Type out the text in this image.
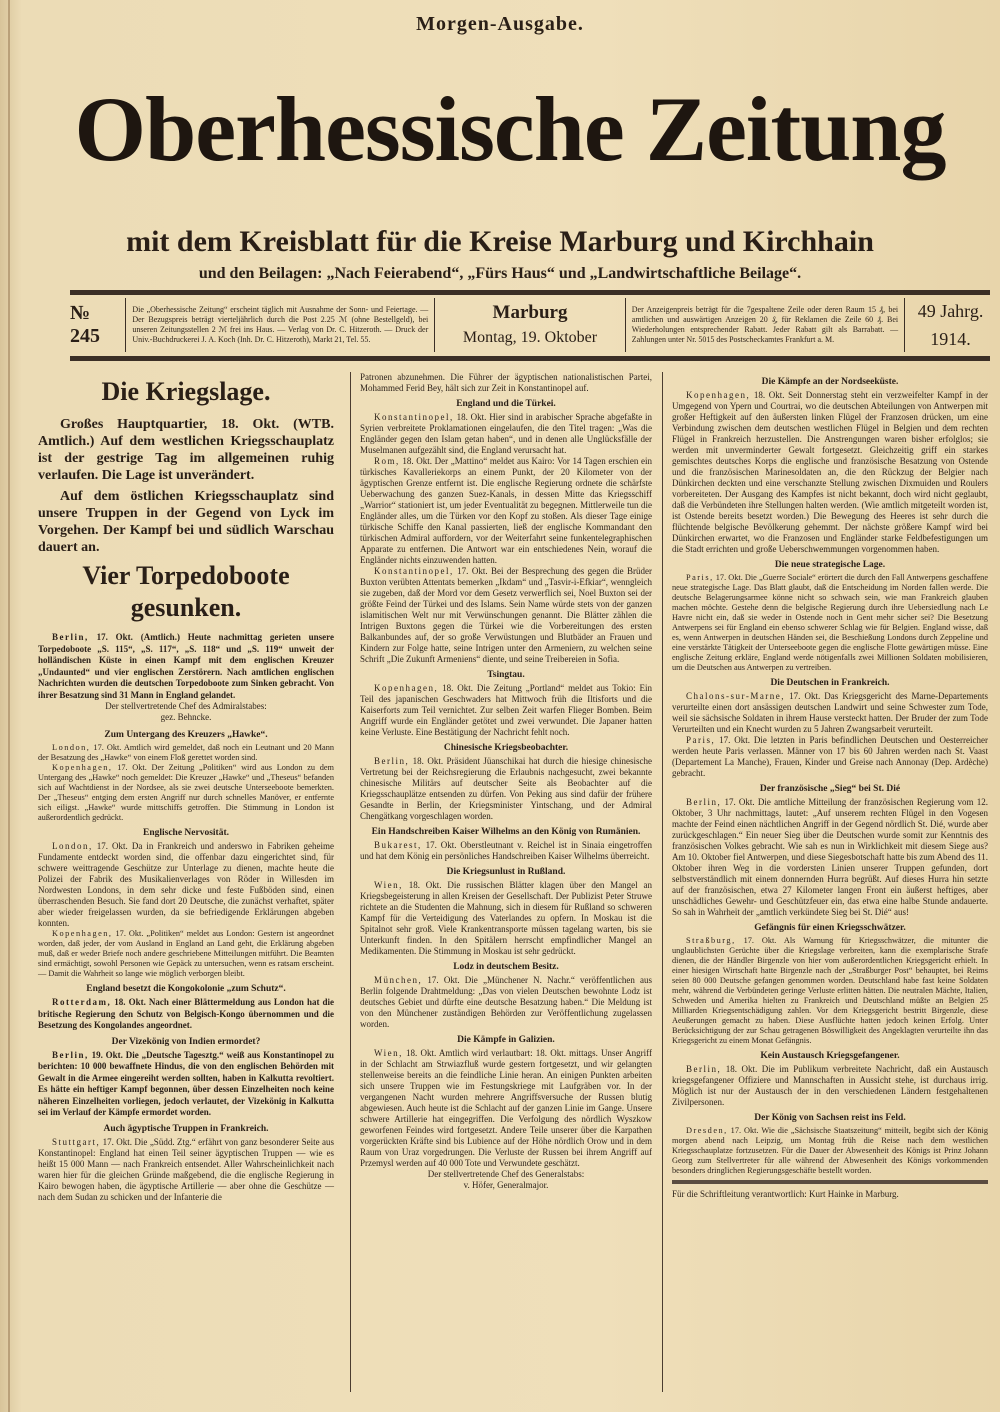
Morgen-Ausgabe.
Oberhessische Zeitung
mit dem Kreisblatt für die Kreise Marburg und Kirchhain
und den Beilagen: „Nach Feierabend“, „Fürs Haus“ und „Landwirtschaftliche Beilage“.
№ 245
Die „Oberhessische Zeitung“ erscheint täglich mit Ausnahme der Sonn- und Feiertage. — Der Bezugspreis beträgt vierteljährlich durch die Post 2.25 ℳ (ohne Bestellgeld), bei unseren Zeitungsstellen 2 ℳ frei ins Haus. — Verlag von Dr. C. Hitzeroth. — Druck der Univ.-Buchdruckerei J. A. Koch (Inh. Dr. C. Hitzeroth), Markt 21, Tel. 55.
Marburg
Montag, 19. Oktober
Der Anzeigenpreis beträgt für die 7gespaltene Zeile oder deren Raum 15 ₰, bei amtlichen und auswärtigen Anzeigen 20 ₰, für Reklamen die Zeile 60 ₰. Bei Wiederholungen entsprechender Rabatt. Jeder Rabatt gilt als Barrabatt. — Zahlungen unter Nr. 5015 des Postscheckamtes Frankfurt a. M.
49 Jahrg.
1914.
Die Kriegslage.

Großes Hauptquartier, 18. Okt. (WTB. Amtlich.) Auf dem westlichen Kriegsschauplatz ist der gestrige Tag im allgemeinen ruhig verlaufen. Die Lage ist unverändert.

Auf dem östlichen Kriegsschauplatz sind unsere Truppen in der Gegend von Lyck im Vorgehen. Der Kampf bei und südlich Warschau dauert an.

Vier Torpedoboote gesunken.

Berlin, 17. Okt. (Amtlich.) Heute nachmittag gerieten unsere Torpedoboote „S. 115“, „S. 117“, „S. 118“ und „S. 119“ unweit der holländischen Küste in einen Kampf mit dem englischen Kreuzer „Undaunted“ und vier englischen Zerstörern. Nach amtlichen englischen Nachrichten wurden die deutschen Torpedoboote zum Sinken gebracht. Von ihrer Besatzung sind 31 Mann in England gelandet.

Der stellvertretende Chef des Admiralstabes:
gez. Behncke.
Zum Untergang des Kreuzers „Hawke“.

London, 17. Okt. Amtlich wird gemeldet, daß noch ein Leutnant und 20 Mann der Besatzung des „Hawke“ von einem Floß gerettet worden sind.

Kopenhagen, 17. Okt. Der Zeitung „Politiken“ wird aus London zu dem Untergang des „Hawke“ noch gemeldet: Die Kreuzer „Hawke“ und „Theseus“ befanden sich auf Wachtdienst in der Nordsee, als sie zwei deutsche Unterseeboote bemerkten. Der „Theseus“ entging dem ersten Angriff nur durch schnelles Manöver, er entfernte sich eiligst. „Hawke“ wurde mittschiffs getroffen. Die Stimmung in London ist außerordentlich gedrückt.

Englische Nervosität.

London, 17. Okt. Da in Frankreich und anderswo in Fabriken geheime Fundamente entdeckt worden sind, die offenbar dazu eingerichtet sind, für schwere weittragende Geschütze zur Unterlage zu dienen, machte heute die Polizei der Fabrik des Musikalienverlages von Röder in Willesden im Nordwesten Londons, in dem sehr dicke und feste Fußböden sind, einen überraschenden Besuch. Sie fand dort 20 Deutsche, die zunächst verhaftet, später aber wieder freigelassen wurden, da sie befriedigende Erklärungen abgeben konnten.

Kopenhagen, 17. Okt. „Politiken“ meldet aus London: Gestern ist angeordnet worden, daß jeder, der vom Ausland in England an Land geht, die Erklärung abgeben muß, daß er weder Briefe noch andere geschriebene Mitteilungen mitführt. Die Beamten sind ermächtigt, sowohl Personen wie Gepäck zu untersuchen, wenn es ratsam erscheint. — Damit die Wahrheit so lange wie möglich verborgen bleibt.

England besetzt die Kongokolonie „zum Schutz“.

Rotterdam, 18. Okt. Nach einer Blättermeldung aus London hat die britische Regierung den Schutz von Belgisch-Kongo übernommen und die Besetzung des Kongolandes angeordnet.

Der Vizekönig von Indien ermordet?

Berlin, 19. Okt. Die „Deutsche Tagesztg.“ weiß aus Konstantinopel zu berichten: 10 000 bewaffnete Hindus, die von den englischen Behörden mit Gewalt in die Armee eingereiht werden sollten, haben in Kalkutta revoltiert. Es hätte ein heftiger Kampf begonnen, über dessen Einzelheiten noch keine näheren Einzelheiten vorliegen, jedoch verlautet, der Vizekönig in Kalkutta sei im Verlauf der Kämpfe ermordet worden.

Auch ägyptische Truppen in Frankreich.

Stuttgart, 17. Okt. Die „Südd. Ztg.“ erfährt von ganz besonderer Seite aus Konstantinopel: England hat einen Teil seiner ägyptischen Truppen — wie es heißt 15 000 Mann — nach Frankreich entsendet. Aller Wahrscheinlichkeit nach waren hier für die gleichen Gründe maßgebend, die die englische Regierung in Kairo bewogen haben, die ägyptische Artillerie — aber ohne die Geschütze — nach dem Sudan zu schicken und der Infanterie die

Patronen abzunehmen. Die Führer der ägyptischen nationalistischen Partei, Mohammed Ferid Bey, hält sich zur Zeit in Konstantinopel auf.

England und die Türkei.

Konstantinopel, 18. Okt. Hier sind in arabischer Sprache abgefaßte in Syrien verbreitete Proklamationen eingelaufen, die den Titel tragen: „Was die Engländer gegen den Islam getan haben“, und in denen alle Unglücksfälle der Muselmanen aufgezählt sind, die England verursacht hat.

Rom, 18. Okt. Der „Mattino“ meldet aus Kairo: Vor 14 Tagen erschien ein türkisches Kavalleriekorps an einem Punkt, der 20 Kilometer von der ägyptischen Grenze entfernt ist. Die englische Regierung ordnete die schärfste Ueberwachung des ganzen Suez-Kanals, in dessen Mitte das Kriegsschiff „Warrior“ stationiert ist, um jeder Eventualität zu begegnen. Mittlerweile tun die Engländer alles, um die Türken vor den Kopf zu stoßen. Als dieser Tage einige türkische Schiffe den Kanal passierten, ließ der englische Kommandant den türkischen Admiral auffordern, vor der Weiterfahrt seine funkentelegraphischen Apparate zu entfernen. Die Antwort war ein entschiedenes Nein, worauf die Engländer nichts einzuwenden hatten.

Konstantinopel, 17. Okt. Bei der Besprechung des gegen die Brüder Buxton verübten Attentats bemerken „Ikdam“ und „Tasvir-i-Efkiar“, wenngleich sie zugeben, daß der Mord vor dem Gesetz verwerflich sei, Noel Buxton sei der größte Feind der Türkei und des Islams. Sein Name würde stets von der ganzen islamitischen Welt nur mit Verwünschungen genannt. Die Blätter zählen die Intrigen Buxtons gegen die Türkei wie die Vorbereitungen des ersten Balkanbundes auf, der so große Verwüstungen und Blutbäder an Frauen und Kindern zur Folge hatte, seine Intrigen unter den Armeniern, zu welchen seine Schrift „Die Zukunft Armeniens“ diente, und seine Treibereien in Sofia.

Tsingtau.

Kopenhagen, 18. Okt. Die Zeitung „Portland“ meldet aus Tokio: Ein Teil des japanischen Geschwaders hat Mittwoch früh die Iltisforts und die Kaiserforts zum Teil vernichtet. Zur selben Zeit warfen Flieger Bomben. Beim Angriff wurde ein Engländer getötet und zwei verwundet. Die Japaner hatten keine Verluste. Eine Bestätigung der Nachricht fehlt noch.

Chinesische Kriegsbeobachter.

Berlin, 18. Okt. Präsident Jüanschikai hat durch die hiesige chinesische Vertretung bei der Reichsregierung die Erlaubnis nachgesucht, zwei bekannte chinesische Militärs auf deutscher Seite als Beobachter auf die Kriegsschauplätze entsenden zu dürfen. Von Peking aus sind dafür der frühere Gesandte in Berlin, der Kriegsminister Yintschang, und der Admiral Chengätkang vorgeschlagen worden.

Ein Handschreiben Kaiser Wilhelms an den König von Rumänien.

Bukarest, 17. Okt. Oberstleutnant v. Reichel ist in Sinaia eingetroffen und hat dem König ein persönliches Handschreiben Kaiser Wilhelms überreicht.

Die Kriegsunlust in Rußland.

Wien, 18. Okt. Die russischen Blätter klagen über den Mangel an Kriegsbegeisterung in allen Kreisen der Gesellschaft. Der Publizist Peter Struwe richtete an die Studenten die Mahnung, sich in diesem für Rußland so schweren Kampf für die Verteidigung des Vaterlandes zu opfern. In Moskau ist die Spitalnot sehr groß. Viele Krankentransporte müssen tagelang warten, bis sie Unterkunft finden. In den Spitälern herrscht empfindlicher Mangel an Medikamenten. Die Stimmung in Moskau ist sehr gedrückt.

Lodz in deutschem Besitz.

München, 17. Okt. Die „Münchener N. Nachr.“ veröffentlichen aus Berlin folgende Drahtmeldung: „Das von vielen Deutschen bewohnte Lodz ist deutsches Gebiet und dürfte eine deutsche Besatzung haben.“ Die Meldung ist von den Münchener zuständigen Behörden zur Veröffentlichung zugelassen worden.

Die Kämpfe in Galizien.

Wien, 18. Okt. Amtlich wird verlautbart: 18. Okt. mittags. Unser Angriff in der Schlacht am Strwiazfluß wurde gestern fortgesetzt, und wir gelangten stellenweise bereits an die feindliche Linie heran. An einigen Punkten arbeiten sich unsere Truppen wie im Festungskriege mit Laufgräben vor. In der vergangenen Nacht wurden mehrere Angriffsversuche der Russen blutig abgewiesen. Auch heute ist die Schlacht auf der ganzen Linie im Gange. Unsere schwere Artillerie hat eingegriffen. Die Verfolgung des nördlich Wyszkow geworfenen Feindes wird fortgesetzt. Andere Teile unserer über die Karpathen vorgerückten Kräfte sind bis Lubience auf der Höhe nördlich Orow und in dem Raum von Uraz vorgedrungen. Die Verluste der Russen bei ihrem Angriff auf Przemysl werden auf 40 000 Tote und Verwundete geschätzt.

Der stellvertretende Chef des Generalstabs:
v. Höfer, Generalmajor.
Die Kämpfe an der Nordseeküste.

Kopenhagen, 18. Okt. Seit Donnerstag steht ein verzweifelter Kampf in der Umgegend von Ypern und Courtrai, wo die deutschen Abteilungen von Antwerpen mit großer Heftigkeit auf den äußersten linken Flügel der Franzosen drücken, um eine Verbindung zwischen dem deutschen westlichen Flügel in Belgien und dem rechten Flügel in Frankreich herzustellen. Die Anstrengungen waren bisher erfolglos; sie werden mit unverminderter Gewalt fortgesetzt. Gleichzeitig griff ein starkes gemischtes deutsches Korps die englische und französische Besatzung von Ostende und die französischen Marinesoldaten an, die den Rückzug der Belgier nach Dünkirchen deckten und eine verschanzte Stellung zwischen Dixmuiden und Roulers vorbereiteten. Der Ausgang des Kampfes ist nicht bekannt, doch wird nicht geglaubt, daß die Verbündeten ihre Stellungen halten werden. (Wie amtlich mitgeteilt worden ist, ist Ostende bereits besetzt worden.) Die Bewegung des Heeres ist sehr durch die flüchtende belgische Bevölkerung gehemmt. Der nächste größere Kampf wird bei Dünkirchen erwartet, wo die Franzosen und Engländer starke Feldbefestigungen um die Stadt errichten und große Ueberschwemmungen vorgenommen haben.

Die neue strategische Lage.

Paris, 17. Okt. Die „Guerre Sociale“ erörtert die durch den Fall Antwerpens geschaffene neue strategische Lage. Das Blatt glaubt, daß die Entscheidung im Norden fallen werde. Die deutsche Belagerungsarmee könne nicht so schwach sein, wie man Frankreich glauben machen möchte. Gestehe denn die belgische Regierung durch ihre Uebersiedlung nach Le Havre nicht ein, daß sie weder in Ostende noch in Gent mehr sicher sei? Die Besetzung Antwerpens sei für England ein ebenso schwerer Schlag wie für Belgien. England wisse, daß es, wenn Antwerpen in deutschen Händen sei, die Beschießung Londons durch Zeppeline und eine verstärkte Tätigkeit der Unterseeboote gegen die englische Flotte gewärtigen müsse. Eine englische Zeitung erkläre, England werde nötigenfalls zwei Millionen Soldaten mobilisieren, um die Deutschen aus Antwerpen zu vertreiben.

Die Deutschen in Frankreich.

Chalons-sur-Marne, 17. Okt. Das Kriegsgericht des Marne-Departements verurteilte einen dort ansässigen deutschen Landwirt und seine Schwester zum Tode, weil sie sächsische Soldaten in ihrem Hause versteckt hatten. Der Bruder der zum Tode Verurteilten und ein Knecht wurden zu 5 Jahren Zwangsarbeit verurteilt.

Paris, 17. Okt. Die letzten in Paris befindlichen Deutschen und Oesterreicher werden heute Paris verlassen. Männer von 17 bis 60 Jahren werden nach St. Vaast (Departement La Manche), Frauen, Kinder und Greise nach Annonay (Dep. Ardèche) gebracht.

Der französische „Sieg“ bei St. Dié

Berlin, 17. Okt. Die amtliche Mitteilung der französischen Regierung vom 12. Oktober, 3 Uhr nachmittags, lautet: „Auf unserem rechten Flügel in den Vogesen machte der Feind einen nächtlichen Angriff in der Gegend nördlich St. Dié, wurde aber zurückgeschlagen.“ Ein neuer Sieg über die Deutschen wurde somit zur Kenntnis des französischen Volkes gebracht. Wie sah es nun in Wirklichkeit mit diesem Siege aus? Am 10. Oktober fiel Antwerpen, und diese Siegesbotschaft hatte bis zum Abend des 11. Oktober ihren Weg in die vordersten Linien unserer Truppen gefunden, dort selbstverständlich mit einem donnernden Hurra begrüßt. Auf dieses Hurra hin setzte auf der französischen, etwa 27 Kilometer langen Front ein äußerst heftiges, aber unschädliches Gewehr- und Geschützfeuer ein, das etwa eine halbe Stunde andauerte. So sah in Wahrheit der „amtlich verkündete Sieg bei St. Dié“ aus!

Gefängnis für einen Kriegsschwätzer.

Straßburg, 17. Okt. Als Warnung für Kriegsschwätzer, die mitunter die unglaublichsten Gerüchte über die Kriegslage verbreiten, kann die exemplarische Strafe dienen, die der Händler Birgenzle von hier vom außerordentlichen Kriegsgericht erhielt. In einer hiesigen Wirtschaft hatte Birgenzle nach der „Straßburger Post“ behauptet, bei Reims seien 80 000 Deutsche gefangen genommen worden. Deutschland habe fast keine Soldaten mehr, während die Verbündeten geringe Verluste erlitten hätten. Die neutralen Mächte, Italien, Schweden und Amerika hielten zu Frankreich und Deutschland müßte an Belgien 25 Milliarden Kriegsentschädigung zahlen. Vor dem Kriegsgericht bestritt Birgenzle, diese Aeußerungen gemacht zu haben. Diese Ausflüchte hatten jedoch keinen Erfolg. Unter Berücksichtigung der zur Schau getragenen Böswilligkeit des Angeklagten verurteilte ihn das Kriegsgericht zu einem Monat Gefängnis.

Kein Austausch Kriegsgefangener.

Berlin, 18. Okt. Die im Publikum verbreitete Nachricht, daß ein Austausch kriegsgefangener Offiziere und Mannschaften in Aussicht stehe, ist durchaus irrig. Möglich ist nur der Austausch der in den verschiedenen Ländern festgehaltenen Zivilpersonen.

Der König von Sachsen reist ins Feld.

Dresden, 17. Okt. Wie die „Sächsische Staatszeitung“ mitteilt, begibt sich der König morgen abend nach Leipzig, um Montag früh die Reise nach dem westlichen Kriegsschauplatze fortzusetzen. Für die Dauer der Abwesenheit des Königs ist Prinz Johann Georg zum Stellvertreter für alle während der Abwesenheit des Königs vorkommenden besonders dringlichen Regierungsgeschäfte bestellt worden.

Für die Schriftleitung verantwortlich: Kurt Hainke in Marburg.
